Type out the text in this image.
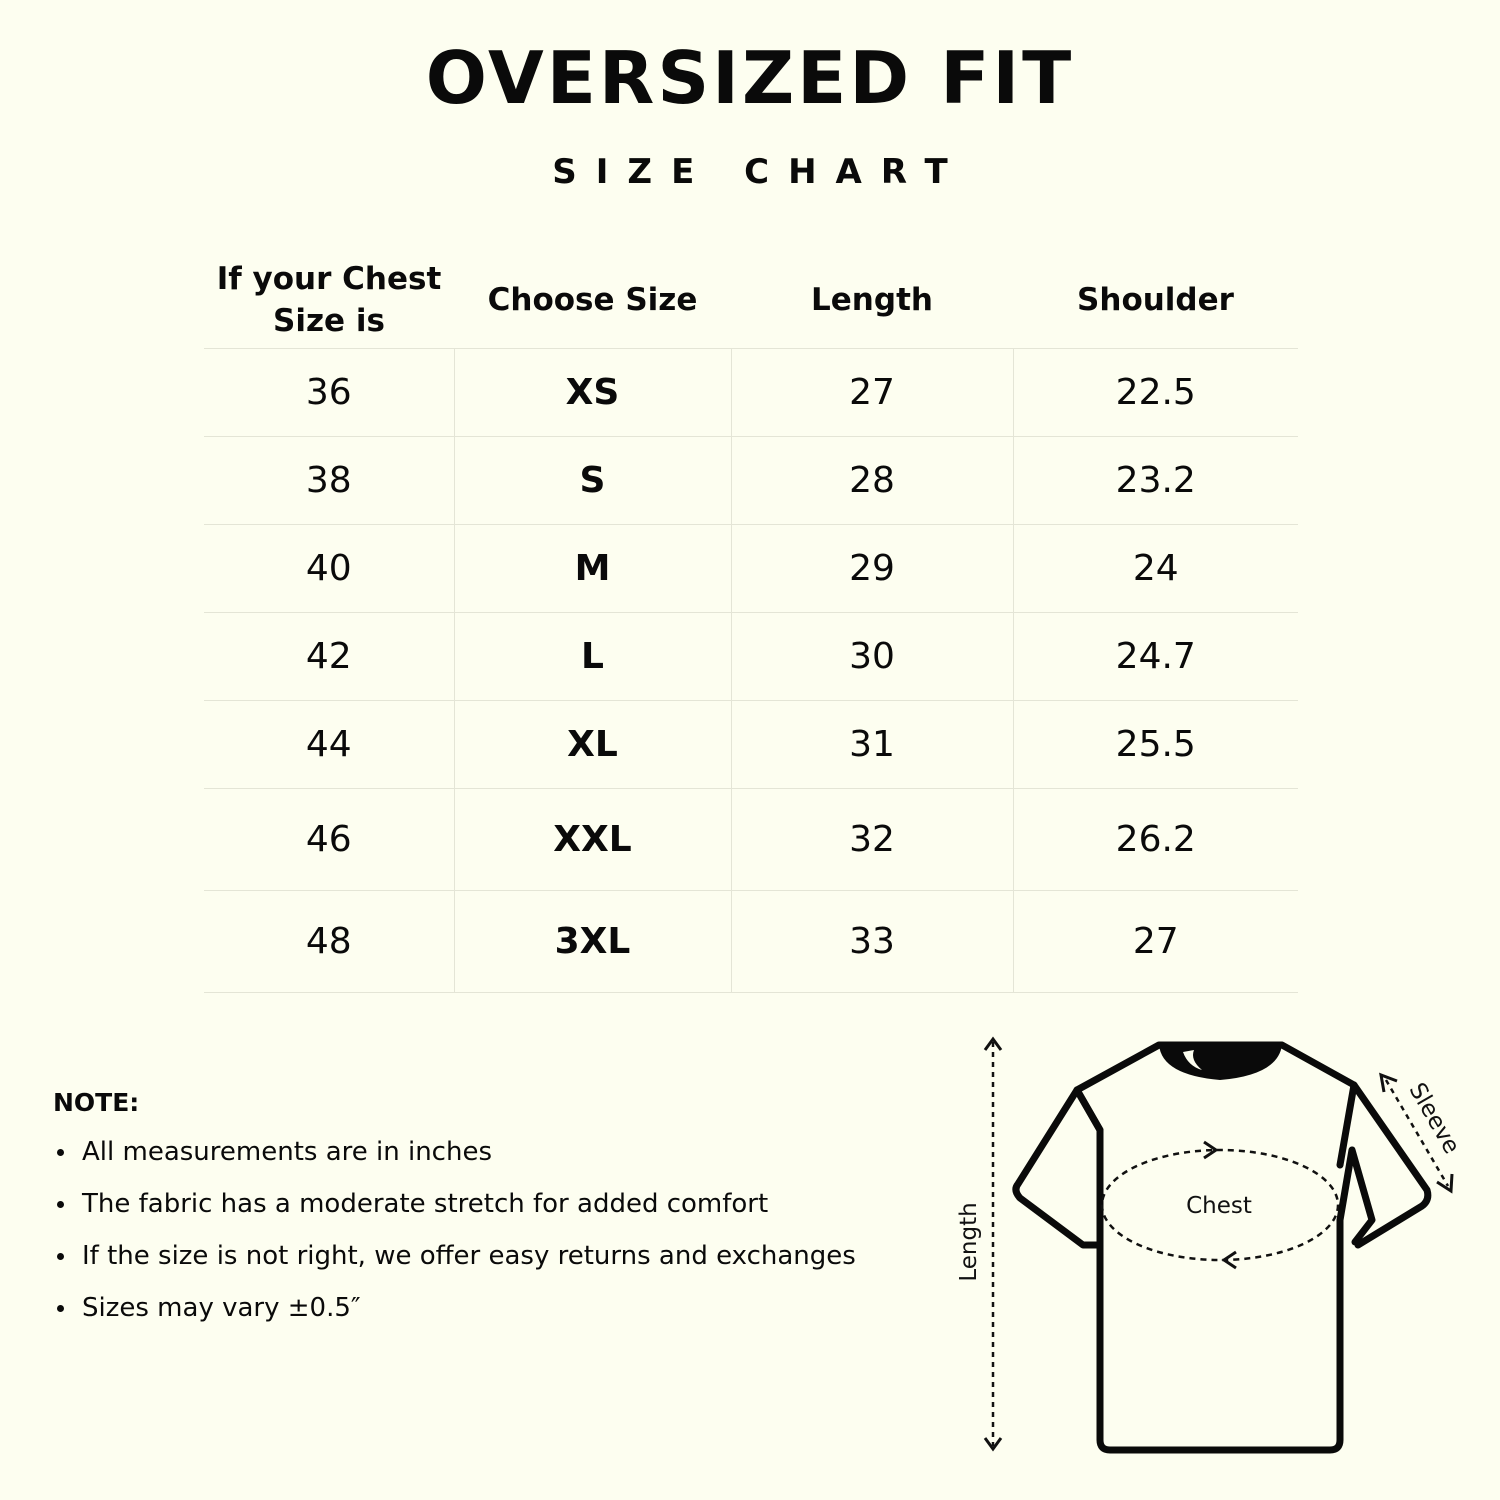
OVERSIZED FIT
SIZE CHART
If your Chest Size is	Choose Size	Length	Shoulder
36	XS	27	22.5
38	S	28	23.2
40	M	29	24
42	L	30	24.7
44	XL	31	25.5
46	XXL	32	26.2
48	3XL	33	27
NOTE:
All measurements are in inches
The fabric has a moderate stretch for added comfort
If the size is not right, we offer easy returns and exchanges
Sizes may vary ±0.5″
Length	Chest
Sleeve
